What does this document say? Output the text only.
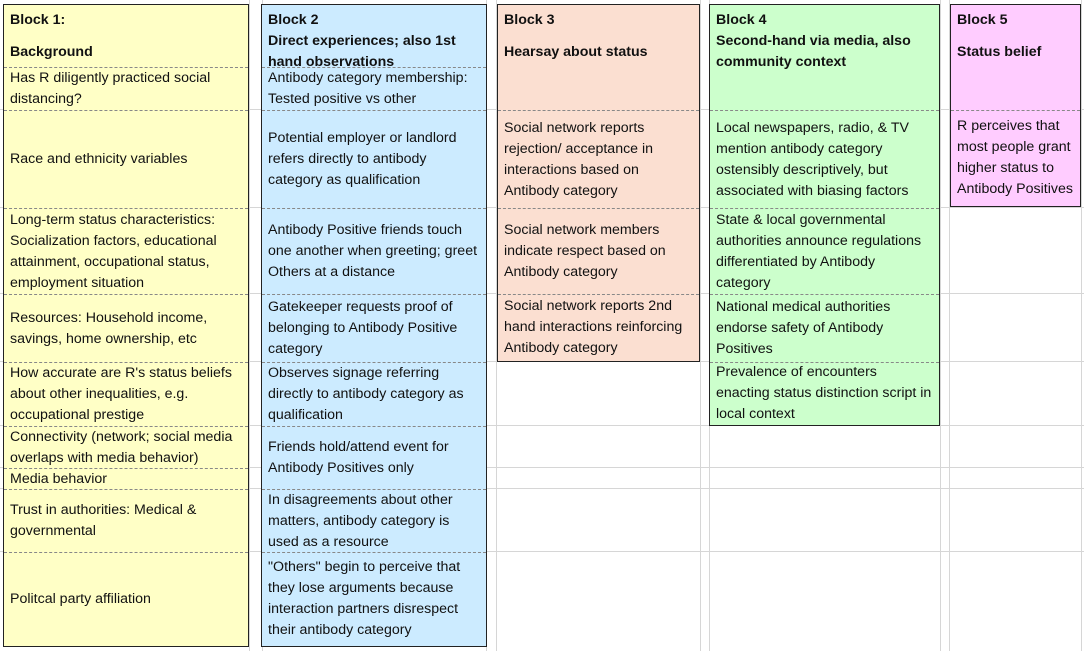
Block 1:
Background
Has R diligently practiced social distancing?
Race and ethnicity variables
Long-term status characteristics: Socialization factors, educational attainment, occupational status, employment situation
Resources: Household income, savings, home ownership, etc
How accurate are R's status beliefs about other inequalities, e.g. occupational prestige
Connectivity (network; social media overlaps with media behavior)
Media behavior
Trust in authorities: Medical & governmental
Politcal party affiliation
Block 2
Direct experiences; also 1st hand observations
Antibody category membership: Tested positive vs other
Potential employer or landlord refers directly to antibody category as qualification
Antibody Positive friends touch one another when greeting; greet Others at a distance
Gatekeeper requests proof of belonging to Antibody Positive category
Observes signage referring directly to antibody category as qualification
Friends hold/attend event for Antibody Positives only
In disagreements about other matters, antibody category is used as a resource
"Others" begin to perceive that they lose arguments because interaction partners disrespect their antibody category
Block 3
Hearsay about status
Social network reports rejection/ acceptance in interactions based on Antibody category
Social network members indicate respect based on Antibody category
Social network reports 2nd hand interactions reinforcing Antibody category
Block 4
Second-hand via media, also community context
Local newspapers, radio, & TV mention antibody category ostensibly descriptively, but associated with biasing factors
State & local governmental authorities announce regulations differentiated by Antibody category
National medical authorities endorse safety of Antibody Positives
Prevalence of encounters enacting status distinction script in local context
Block 5
Status belief
R perceives that most people grant higher status to Antibody Positives
